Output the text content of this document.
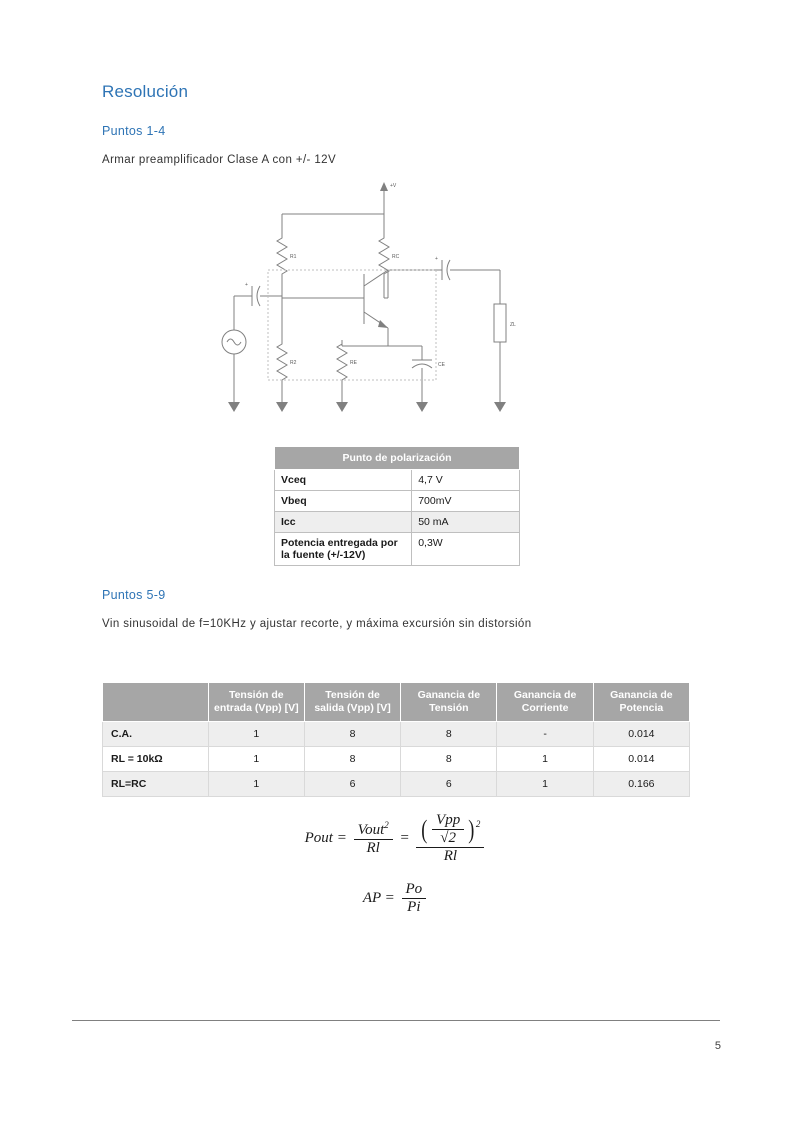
Resolución
Puntos 1-4

Armar preamplificador Clase A con +/- 12V

+V
R1	RC
R2	RE	CE
ZL
+
+
Punto de polarización	
Vceq	4,7 V
Vbeq	700mV
Icc	50 mA
Potencia entregada por la fuente (+/-12V)	0,3W
Puntos 5-9

Vin sinusoidal de f=10KHz y ajustar recorte, y máxima excursión sin distorsión

	Tensión de entrada (Vpp) [V]	Tensión de salida (Vpp) [V]	Ganancia de Tensión	Ganancia de Corriente	Ganancia de Potencia
C.A.	1	8	8	-	0.014
RL = 10kΩ	1	8	8	1	0.014
RL=RC	1	6	6	1	0.166
Pout = $\frac{Vout^2}{Rl} = \frac{( \frac{\text{Vpp}}{√2} )^2}{Rl}$
AP = $\frac{Po}{Pi}$
5
